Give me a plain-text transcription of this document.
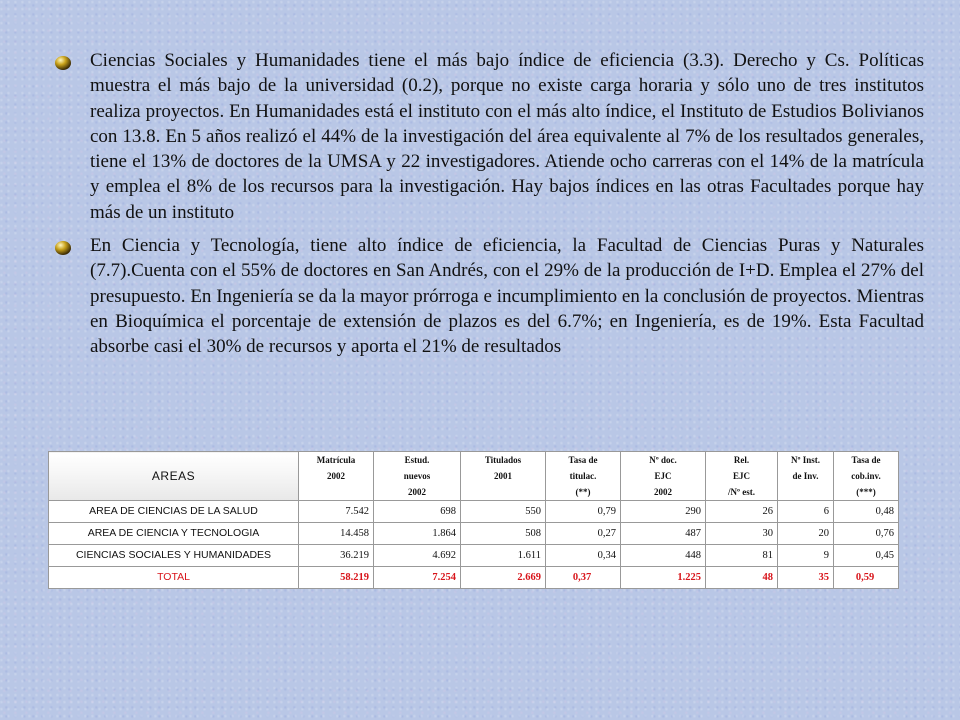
Ciencias Sociales y Humanidades tiene el más bajo índice de eficiencia (3.3). Derecho y Cs. Políticas muestra el más bajo de la universidad (0.2), porque no existe carga horaria y sólo uno de tres institutos realiza proyectos. En Humanidades está el instituto con el más alto índice, el Instituto de Estudios Bolivianos con 13.8. En 5 años realizó el 44% de la investigación del área equivalente al 7% de los resultados generales, tiene el 13% de doctores de la UMSA y 22 investigadores. Atiende ocho carreras con el 14% de la matrícula y emplea el 8% de los recursos para la investigación. Hay bajos índices en las otras Facultades porque hay más de un instituto

En Ciencia y Tecnología, tiene alto índice de eficiencia, la Facultad de Ciencias Puras y Naturales (7.7).Cuenta con el 55% de doctores en San Andrés, con el 29% de la producción de I+D. Emplea el 27% del presupuesto. En Ingeniería se da la mayor prórroga e incumplimiento en la conclusión de proyectos. Mientras en Bioquímica el porcentaje de extensión de plazos es del 6.7%; en Ingeniería, es de 19%. Esta Facultad absorbe casi el 30% de recursos y aporta el 21% de resultados

AREAS	Matrícula	Estud.	Titulados	Tasa de	Nº doc.	Rel.	Nº Inst.	Tasa de
	2002	nuevos	2001	titulac.	EJC	EJC	de Inv.	cob.inv.
		2002		(**)	2002	/Nº est.		(***)
AREA DE CIENCIAS DE LA SALUD	7.542	698	550	0,79	290	26	6	0,48
AREA DE CIENCIA Y TECNOLOGIA	14.458	1.864	508	0,27	487	30	20	0,76
CIENCIAS SOCIALES Y HUMANIDADES	36.219	4.692	1.611	0,34	448	81	9	0,45
TOTAL	58.219	7.254	2.669	0,37	1.225	48	35	0,59
